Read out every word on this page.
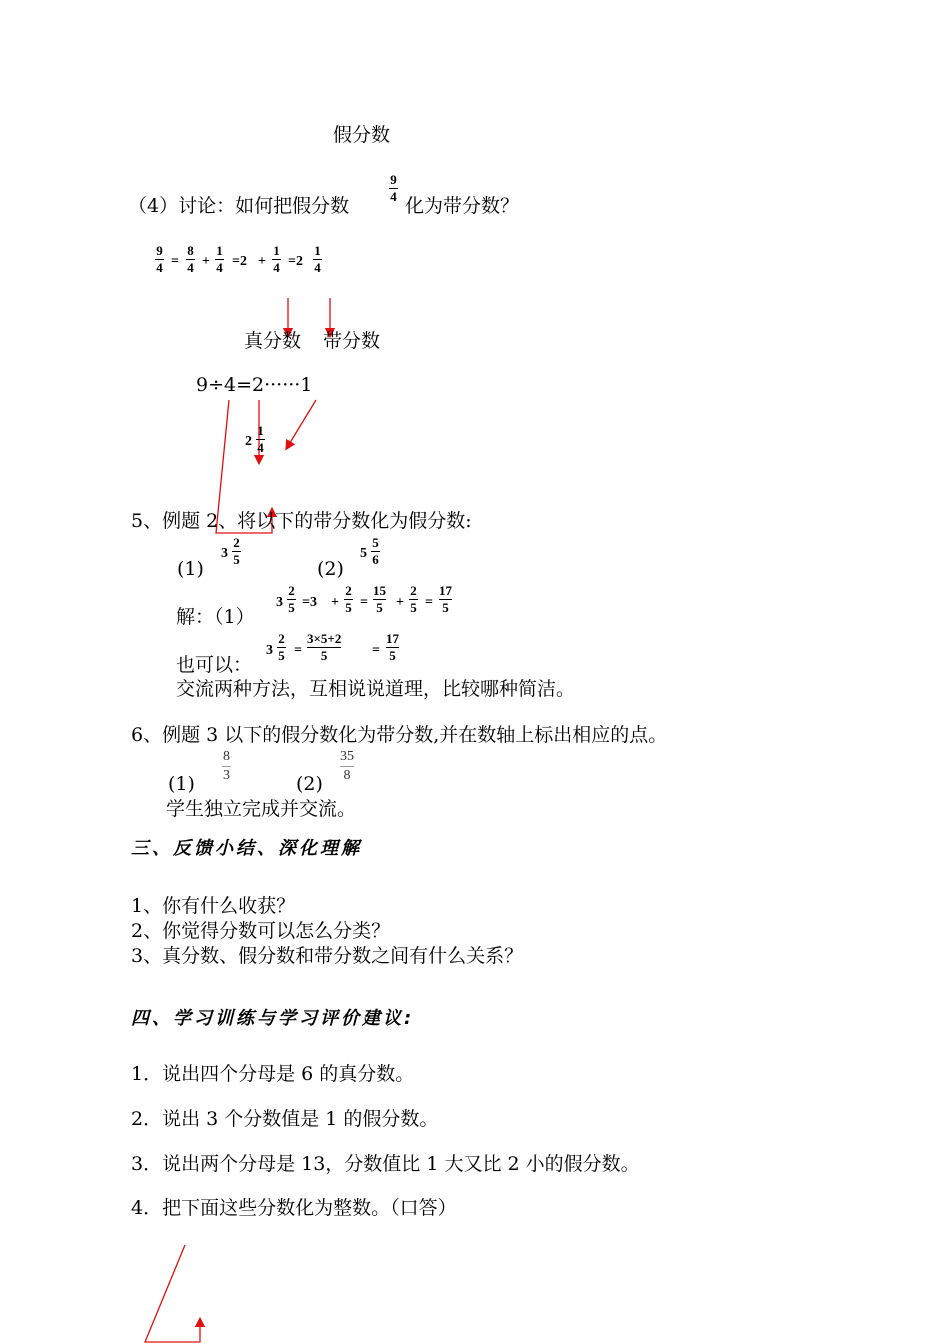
假分数
（4）讨论：如何把假分数
9
4 化为带分数？
9
4 =
8
4 +
1
4 =2 +
1
4 =2
1
4
真分数 带分数
9÷4=2······1
2
1
4
5、例题 2、将以下的带分数化为假分数:
(1)
3
2
5	(2)
5
5
6
解：（1）
3
2
5 =3 +
2
5 =
15
5 +
2
5 =
17
5
也可以：
3
2
5 =
3×5+2
5	=
17
5
交流两种方法，互相说说道理，比较哪种简洁。
6、例题 3 以下的假分数化为带分数,并在数轴上标出相应的点。
(1)
8
3	(2)
35
8
学生独立完成并交流。
三、反馈小结、深化理解
1、你有什么收获？
2、你觉得分数可以怎么分类？
3、真分数、假分数和带分数之间有什么关系？
四、学习训练与学习评价建议:
1．说出四个分母是 6 的真分数。
2．说出 3 个分数值是 1 的假分数。
3．说出两个分母是 13，分数值比 1 大又比 2 小的假分数。
4．把下面这些分数化为整数。（口答）
